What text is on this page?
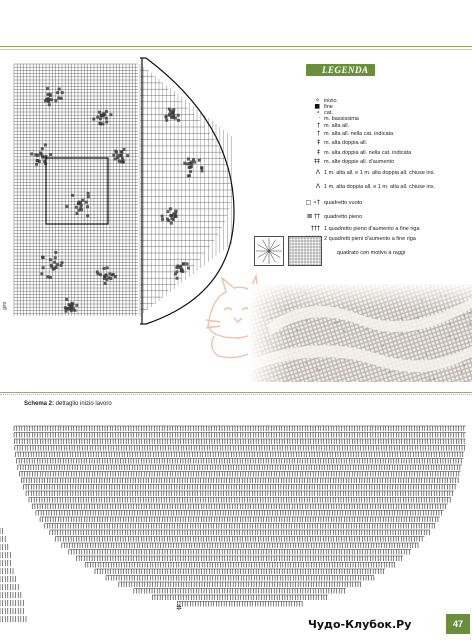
giro
LEGENDA
✧ inizio
■ fine
∘ cat.
· m. bassissima
† m. alta all.
† m. alta all. nella cat. indicata
‡ m. alta doppia all.
‡ m. alta doppia all. nella cat. indicata
‡‡ m. alte doppie all. d'aumento
Λ 1 m. alta all. e 1 m. alta doppia all. chiuse ins.
Λ 1 m. alta doppia all. e 1 m. alta all. chiuse ins.
□ ∘† quadretto vuoto
⊠ †† quadretto pieno
††† 1 quadretto pieno d'aumento a fine riga
2 quadretti pieni d'aumento a fine riga
quadrato con motivo a raggi
Schema 2: dettaglio inizio lavoro
✲
Чудо-Клубок.Ру	47
